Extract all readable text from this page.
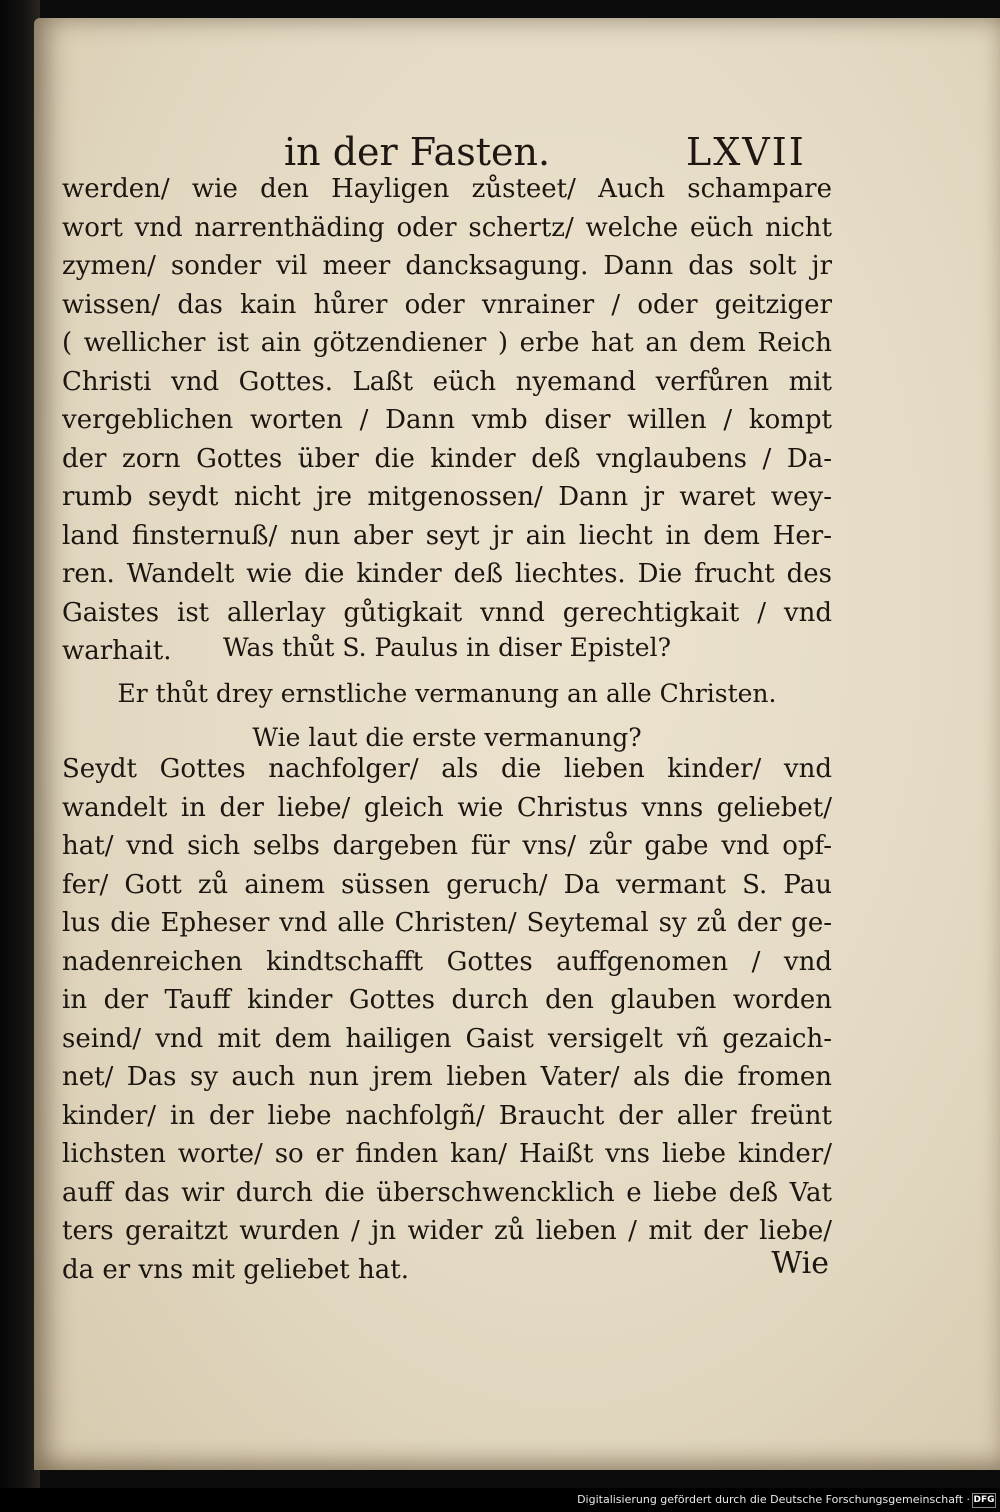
in der Fasten.	LXVII
werden/ wie den Hayligen zůsteet/ Auch schampare
wort vnd narrenthäding oder schertz/ welche eüch nicht
zymen/ sonder vil meer dancksagung. Dann das solt jr
wissen/ das kain hůrer oder vnrainer / oder geitziger
( wellicher ist ain götzendiener ) erbe hat an dem Reich
Christi vnd Gottes. Laßt eüch nyemand verfůren mit
vergeblichen worten / Dann vmb diser willen / kompt
der zorn Gottes über die kinder deß vnglaubens / Da-
rumb seydt nicht jre mitgenossen/ Dann jr waret wey-
land finsternuß/ nun aber seyt jr ain liecht in dem Her-
ren. Wandelt wie die kinder deß liechtes. Die frucht des
Gaistes ist allerlay gůtigkait vnnd gerechtigkait / vnd
warhait.	Was thůt S. Paulus in diser Epistel?
Er thůt drey ernstliche vermanung an alle Christen.
Wie laut die erste vermanung?
Seydt Gottes nachfolger/ als die lieben kinder/ vnd
wandelt in der liebe/ gleich wie Christus vnns geliebet/
hat/ vnd sich selbs dargeben für vns/ zůr gabe vnd opf-
fer/ Gott zů ainem süssen geruch/ Da vermant S. Pau
lus die Epheser vnd alle Christen/ Seytemal sy zů der ge-
nadenreichen kindtschafft Gottes auffgenomen / vnd
in der Tauff kinder Gottes durch den glauben worden
seind/ vnd mit dem hailigen Gaist versigelt vñ gezaich-
net/ Das sy auch nun jrem lieben Vater/ als die fromen
kinder/ in der liebe nachfolgñ/ Braucht der aller freünt
lichsten worte/ so er finden kan/ Haißt vns liebe kinder/
auff das wir durch die überschwencklich e liebe deß Vat
ters geraitzt wurden / jn wider zů lieben / mit der liebe/
da er vns mit geliebet hat.	Wie
Digitalisierung gefördert durch die Deutsche Forschungsgemeinschaft · DFG
